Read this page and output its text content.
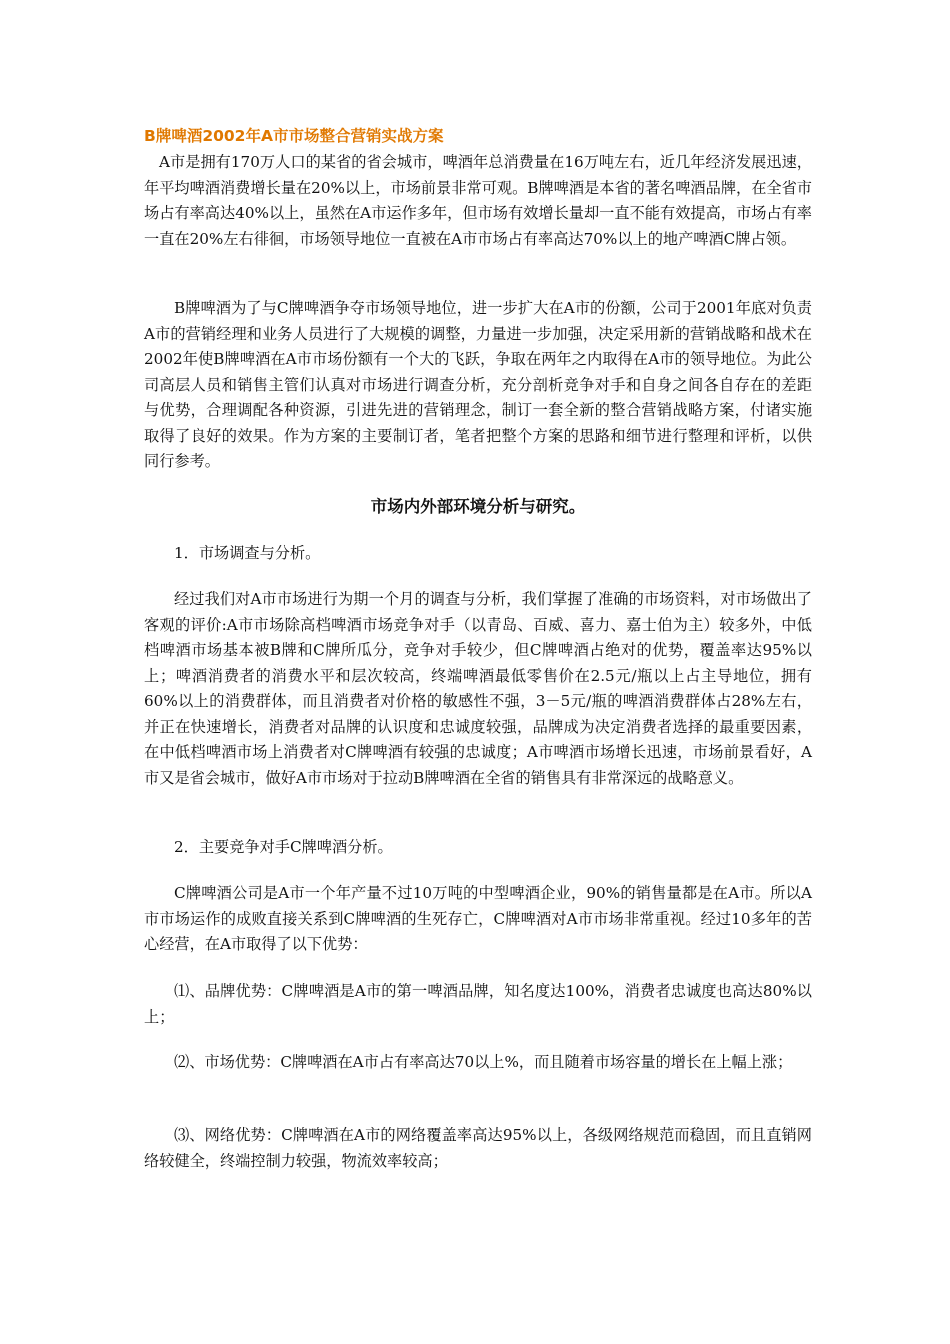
B牌啤酒2002年A市市场整合营销实战方案

A市是拥有170万人口的某省的省会城市，啤酒年总消费量在16万吨左右，近几年经济发展迅速，年平均啤酒消费增长量在20%以上，市场前景非常可观。B牌啤酒是本省的著名啤酒品牌，在全省市场占有率高达40%以上，虽然在A市运作多年，但市场有效增长量却一直不能有效提高，市场占有率一直在20%左右徘徊，市场领导地位一直被在A市市场占有率高达70%以上的地产啤酒C牌占领。

B牌啤酒为了与C牌啤酒争夺市场领导地位，进一步扩大在A市的份额，公司于2001年底对负责A市的营销经理和业务人员进行了大规模的调整，力量进一步加强，决定采用新的营销战略和战术在2002年使B牌啤酒在A市市场份额有一个大的飞跃，争取在两年之内取得在A市的领导地位。为此公司高层人员和销售主管们认真对市场进行调查分析，充分剖析竞争对手和自身之间各自存在的差距与优势，合理调配各种资源，引进先进的营销理念，制订一套全新的整合营销战略方案，付诸实施取得了良好的效果。作为方案的主要制订者，笔者把整个方案的思路和细节进行整理和评析，以供同行参考。

市场内外部环境分析与研究。

1．市场调查与分析。

经过我们对A市市场进行为期一个月的调查与分析，我们掌握了准确的市场资料，对市场做出了客观的评价:A市市场除高档啤酒市场竞争对手（以青岛、百威、喜力、嘉士伯为主）较多外，中低档啤酒市场基本被B牌和C牌所瓜分，竞争对手较少，但C牌啤酒占绝对的优势，覆盖率达95%以上；啤酒消费者的消费水平和层次较高，终端啤酒最低零售价在2.5元/瓶以上占主导地位，拥有60%以上的消费群体，而且消费者对价格的敏感性不强，3－5元/瓶的啤酒消费群体占28%左右，并正在快速增长，消费者对品牌的认识度和忠诚度较强，品牌成为决定消费者选择的最重要因素，在中低档啤酒市场上消费者对C牌啤酒有较强的忠诚度；A市啤酒市场增长迅速，市场前景看好，A市又是省会城市，做好A市市场对于拉动B牌啤酒在全省的销售具有非常深远的战略意义。

2．主要竞争对手C牌啤酒分析。

C牌啤酒公司是A市一个年产量不过10万吨的中型啤酒企业，90%的销售量都是在A市。所以A市市场运作的成败直接关系到C牌啤酒的生死存亡，C牌啤酒对A市市场非常重视。经过10多年的苦心经营，在A市取得了以下优势：

⑴、品牌优势：C牌啤酒是A市的第一啤酒品牌，知名度达100%，消费者忠诚度也高达80%以上；

⑵、市场优势：C牌啤酒在A市占有率高达70以上%，而且随着市场容量的增长在上幅上涨；

⑶、网络优势：C牌啤酒在A市的网络覆盖率高达95%以上，各级网络规范而稳固，而且直销网络较健全，终端控制力较强，物流效率较高；
